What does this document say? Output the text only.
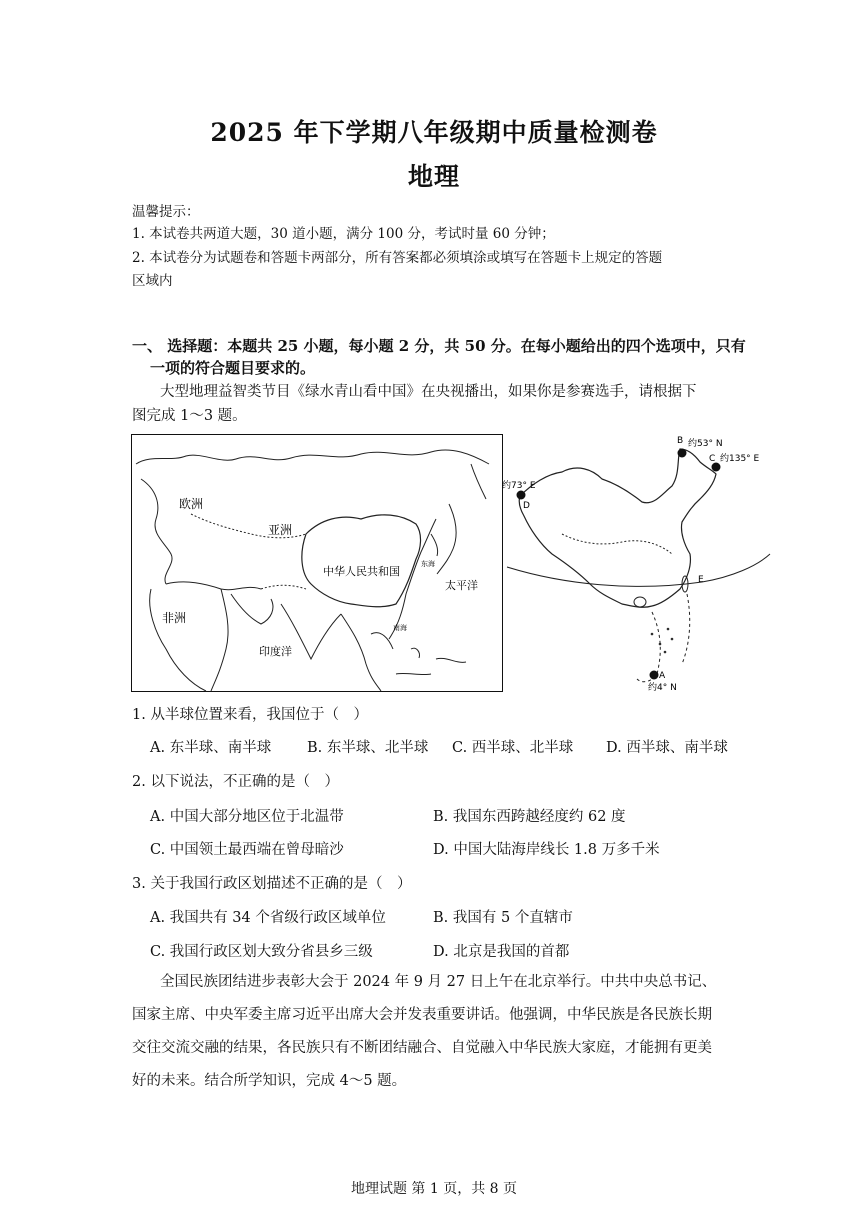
2025 年下学期八年级期中质量检测卷
地理
温馨提示：
1. 本试卷共两道大题，30 道小题，满分 100 分，考试时量 60 分钟；
2. 本试卷分为试题卷和答题卡两部分，所有答案都必须填涂或填写在答题卡上规定的答题
区域内
一、 选择题：本题共 25 小题，每小题 2 分，共 50 分。在每小题给出的四个选项中，只有
一项的符合题目要求的。
大型地理益智类节目《绿水青山看中国》在央视播出，如果你是参赛选手，请根据下
图完成 1～3 题。
欧洲
亚洲
非洲
中华人民共和国
太平洋
印度洋
东海
南海
B 约53° N
C 约135° E
约73° E
D
E
A
约4° N
1. 从半球位置来看，我国位于（　）
A. 东半球、南半球 B. 东半球、北半球 C. 西半球、北半球 D. 西半球、南半球
2. 以下说法，不正确的是（　）
A. 中国大部分地区位于北温带	B. 我国东西跨越经度约 62 度
C. 中国领土最西端在曾母暗沙	D. 中国大陆海岸线长 1.8 万多千米
3. 关于我国行政区划描述不正确的是（　）
A. 我国共有 34 个省级行政区域单位	B. 我国有 5 个直辖市
C. 我国行政区划大致分省县乡三级	D. 北京是我国的首都
全国民族团结进步表彰大会于 2024 年 9 月 27 日上午在北京举行。中共中央总书记、
国家主席、中央军委主席习近平出席大会并发表重要讲话。他强调，中华民族是各民族长期
交往交流交融的结果，各民族只有不断团结融合、自觉融入中华民族大家庭，才能拥有更美
好的未来。结合所学知识，完成 4～5 题。
地理试题 第 1 页，共 8 页
